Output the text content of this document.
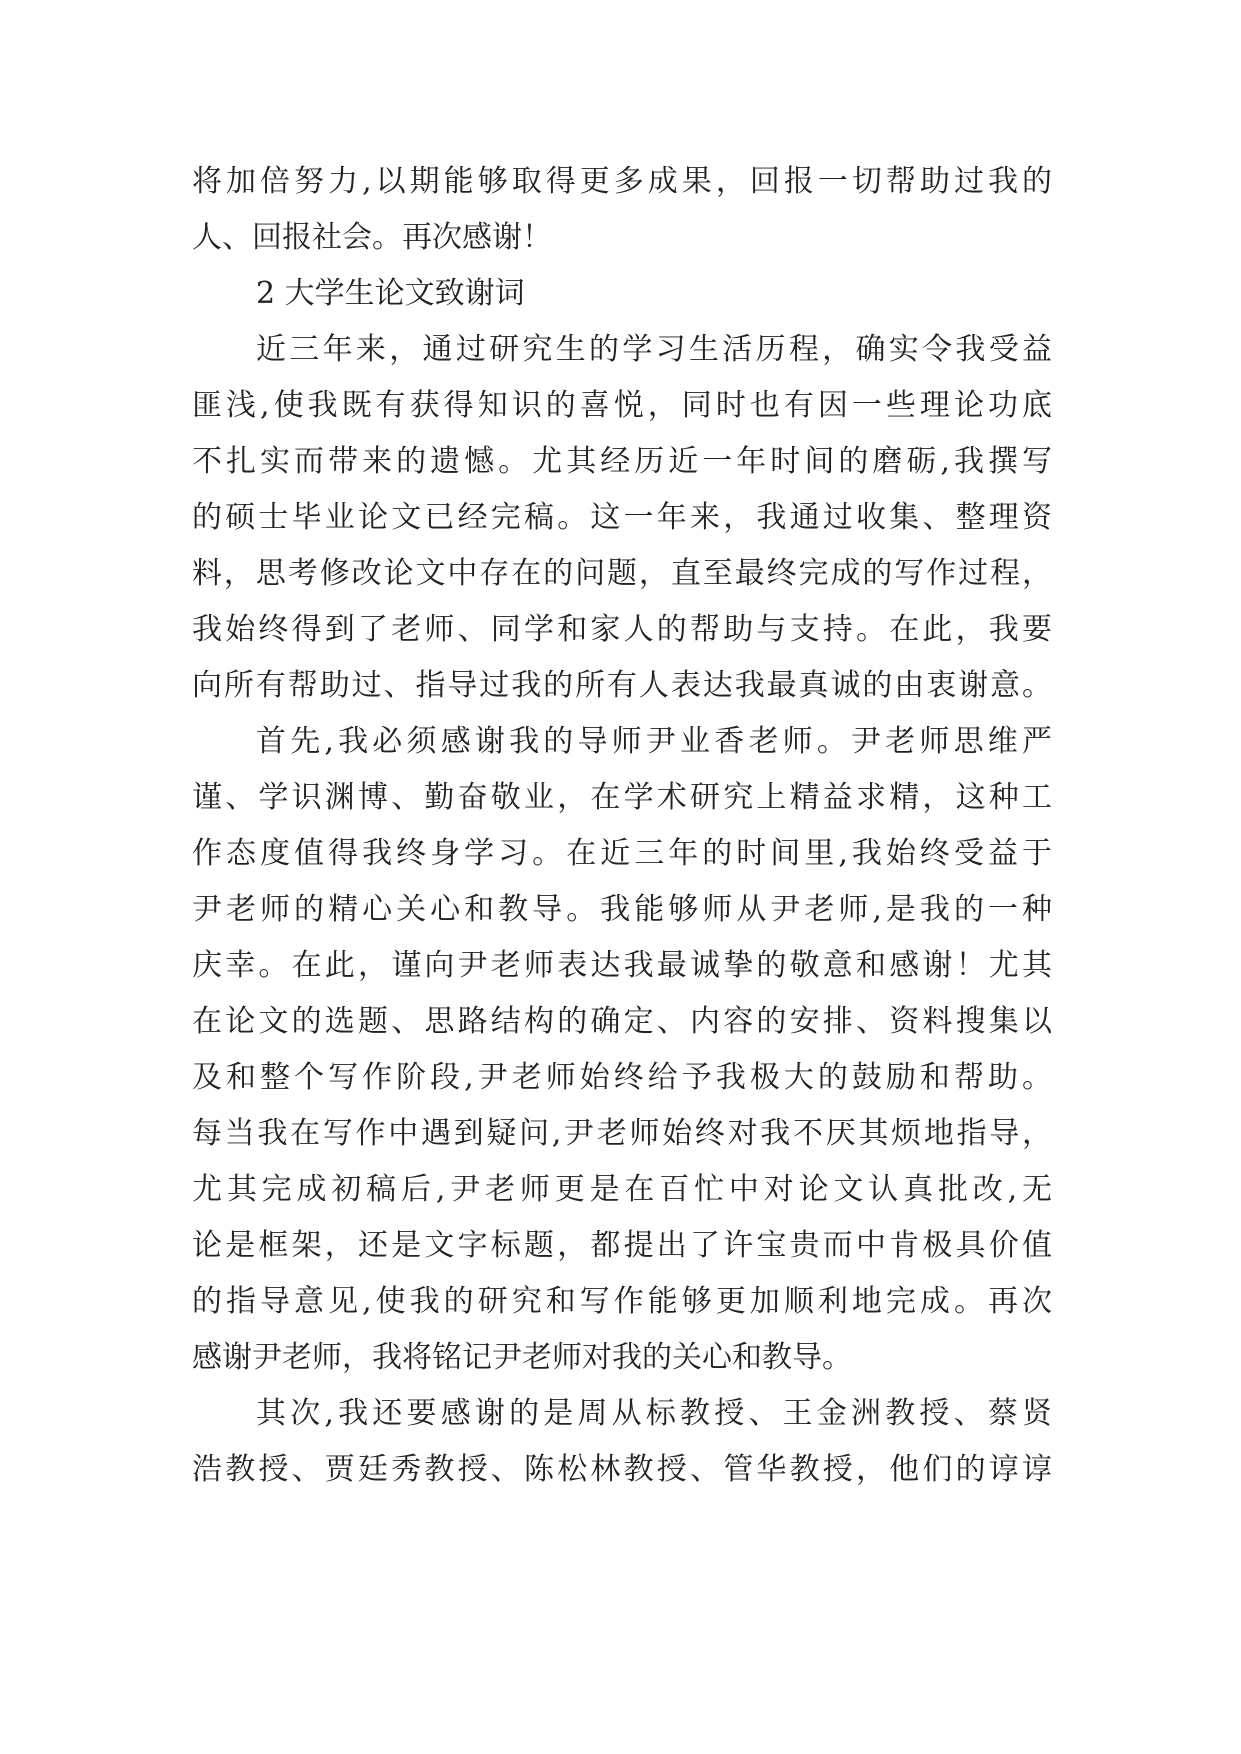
将加倍努力,以期能够取得更多成果，回报一切帮助过我的
人、回报社会。再次感谢！
2 大学生论文致谢词
近三年来，通过研究生的学习生活历程，确实令我受益
匪浅,使我既有获得知识的喜悦，同时也有因一些理论功底
不扎实而带来的遗憾。尤其经历近一年时间的磨砺,我撰写
的硕士毕业论文已经完稿。这一年来，我通过收集、整理资
料，思考修改论文中存在的问题，直至最终完成的写作过程，
我始终得到了老师、同学和家人的帮助与支持。在此，我要
向所有帮助过、指导过我的所有人表达我最真诚的由衷谢意。
首先,我必须感谢我的导师尹业香老师。尹老师思维严
谨、学识渊博、勤奋敬业，在学术研究上精益求精，这种工
作态度值得我终身学习。在近三年的时间里,我始终受益于
尹老师的精心关心和教导。我能够师从尹老师,是我的一种
庆幸。在此，谨向尹老师表达我最诚挚的敬意和感谢！尤其
在论文的选题、思路结构的确定、内容的安排、资料搜集以
及和整个写作阶段,尹老师始终给予我极大的鼓励和帮助。
每当我在写作中遇到疑问,尹老师始终对我不厌其烦地指导，
尤其完成初稿后,尹老师更是在百忙中对论文认真批改,无
论是框架，还是文字标题，都提出了许宝贵而中肯极具价值
的指导意见,使我的研究和写作能够更加顺利地完成。再次
感谢尹老师，我将铭记尹老师对我的关心和教导。
其次,我还要感谢的是周从标教授、王金洲教授、蔡贤
浩教授、贾廷秀教授、陈松林教授、管华教授，他们的谆谆
